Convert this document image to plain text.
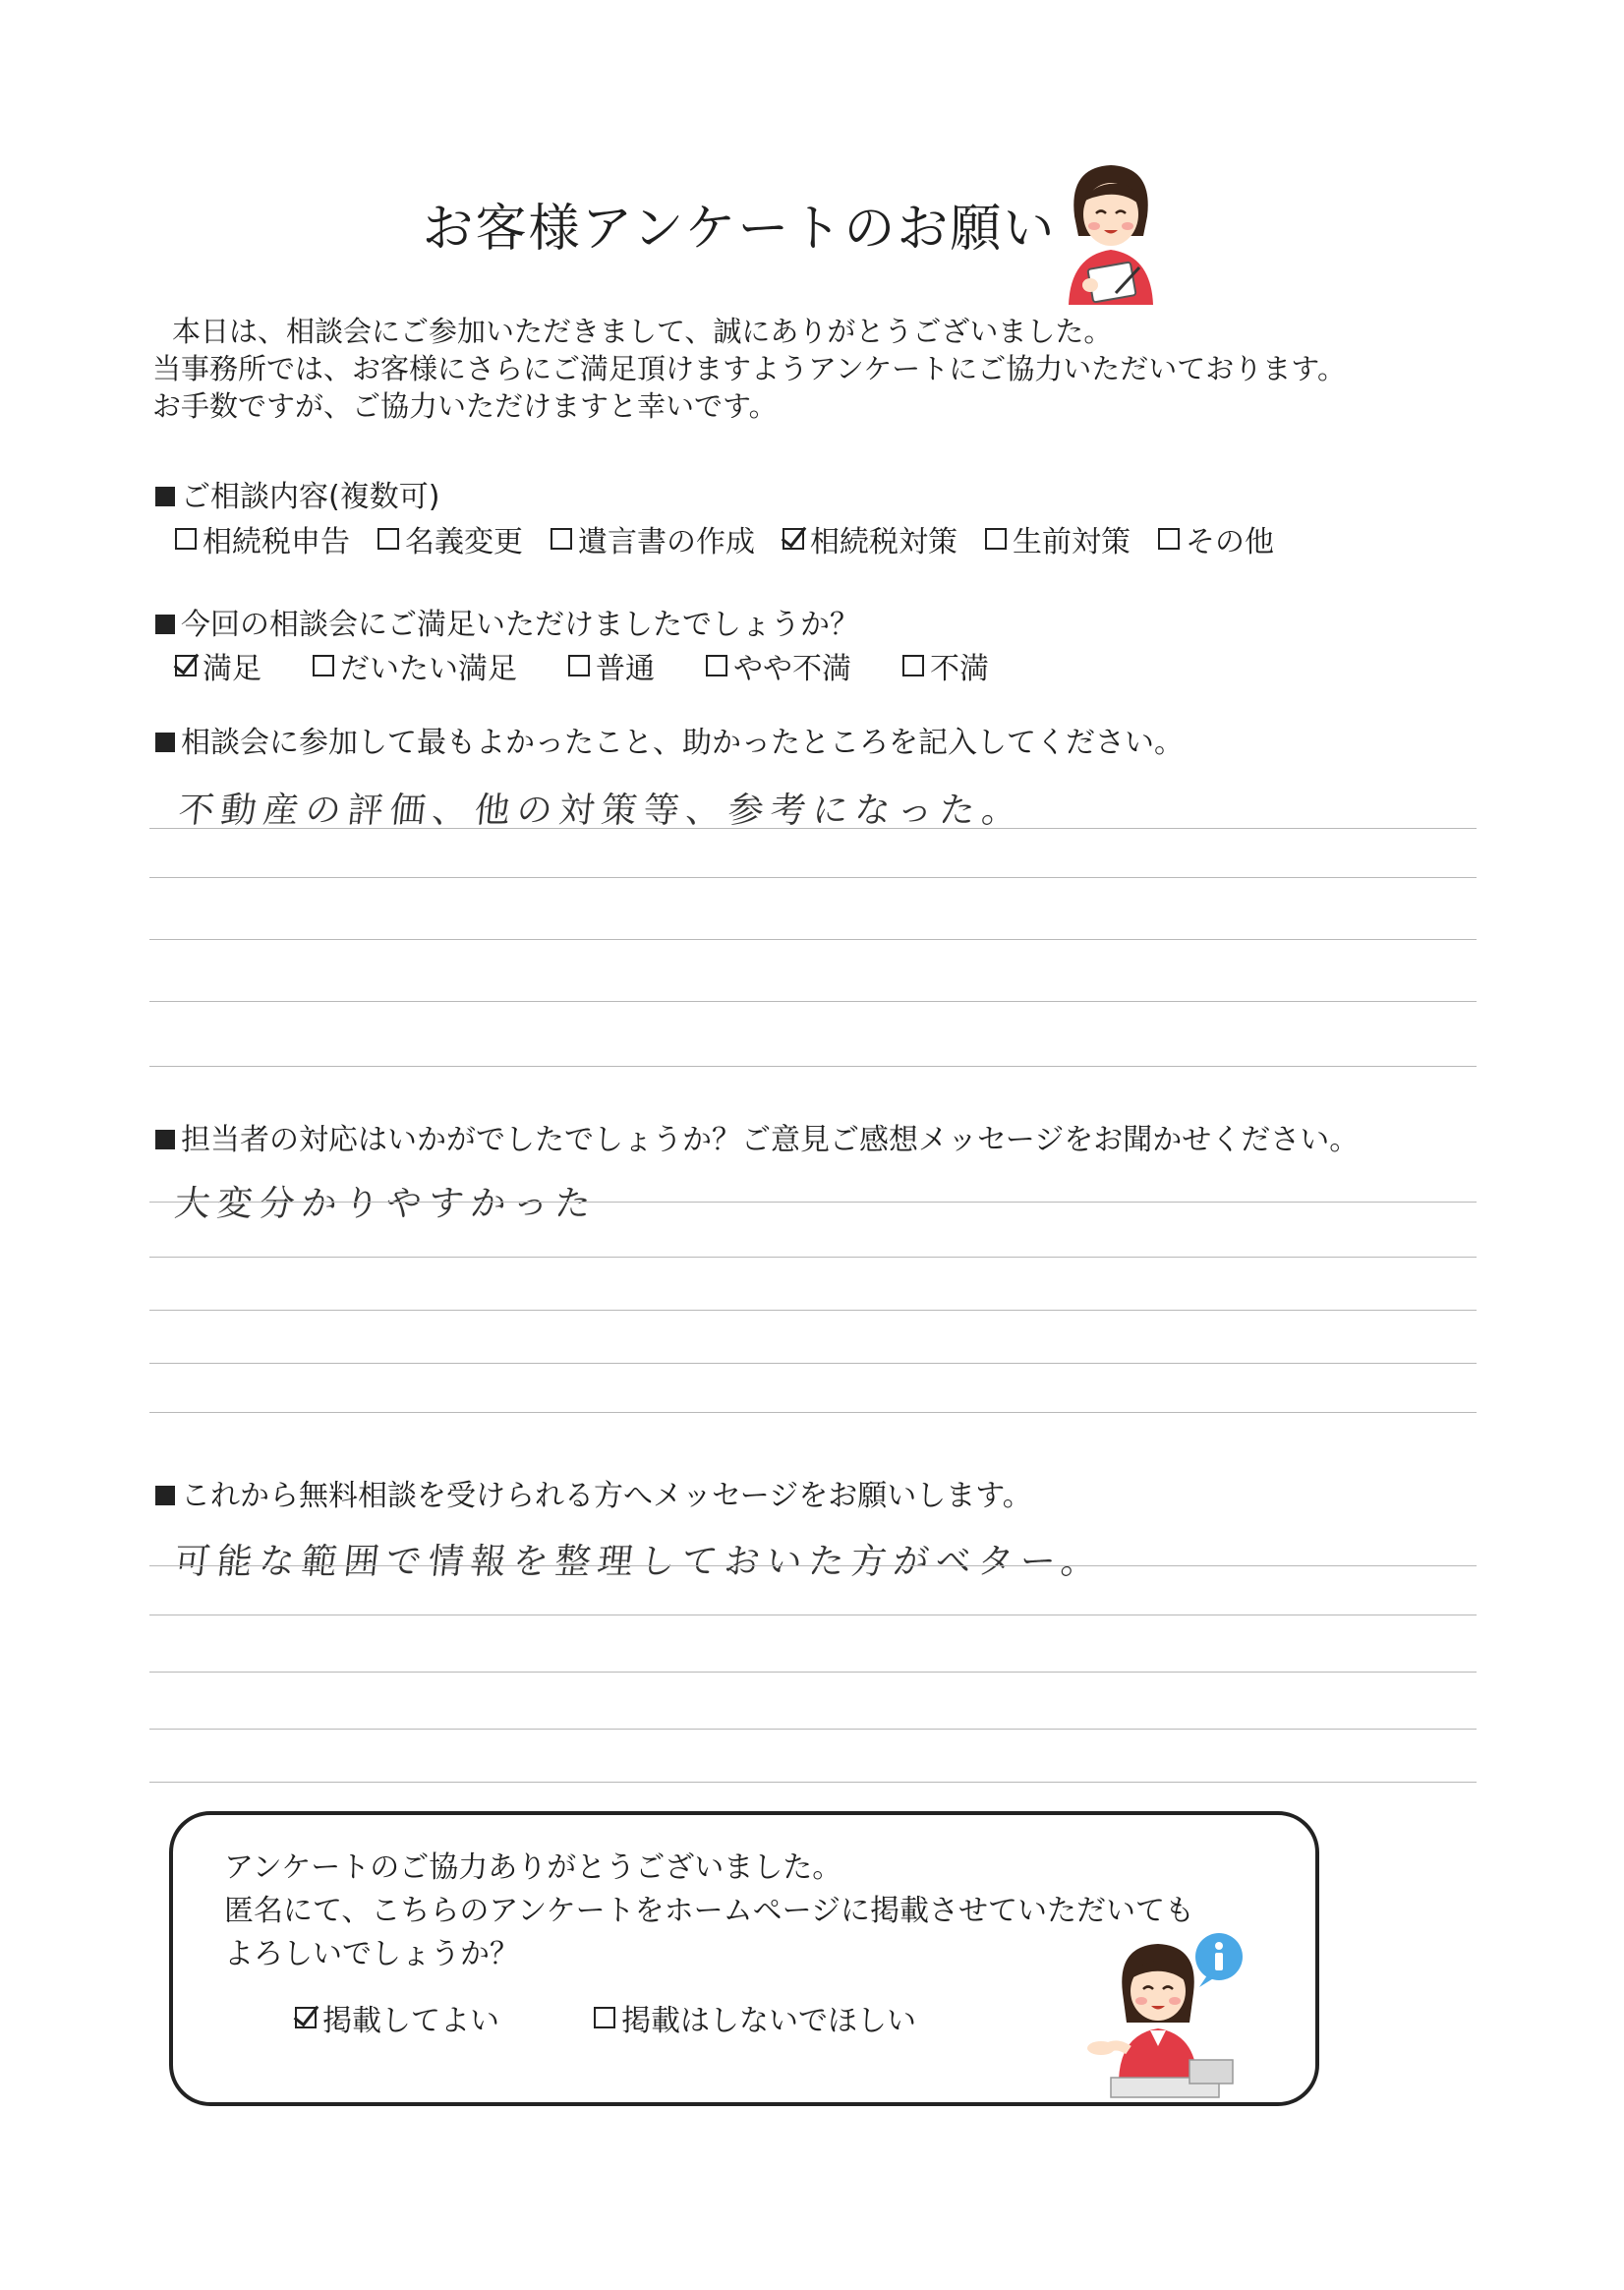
お客様アンケートのお願い
本日は、相談会にご参加いただきまして、誠にありがとうございました。
当事務所では、お客様にさらにご満足頂けますようアンケートにご協力いただいております。
お手数ですが、ご協力いただけますと幸いです。
ご相談内容(複数可)
相続税申告 名義変更 遺言書の作成 相続税対策 生前対策 その他
今回の相談会にご満足いただけましたでしょうか？
満足	だいたい満足	普通	やや不満	不満
相談会に参加して最もよかったこと、助かったところを記入してください。
不動産の評価、他の対策等、参考になった。
担当者の対応はいかがでしたでしょうか？ご意見ご感想メッセージをお聞かせください。
大変分かりやすかった
これから無料相談を受けられる方へメッセージをお願いします。
可能な範囲で情報を整理しておいた方がベター。
アンケートのご協力ありがとうございました。
匿名にて、こちらのアンケートをホームページに掲載させていただいても
よろしいでしょうか？
掲載してよい	掲載はしないでほしい
